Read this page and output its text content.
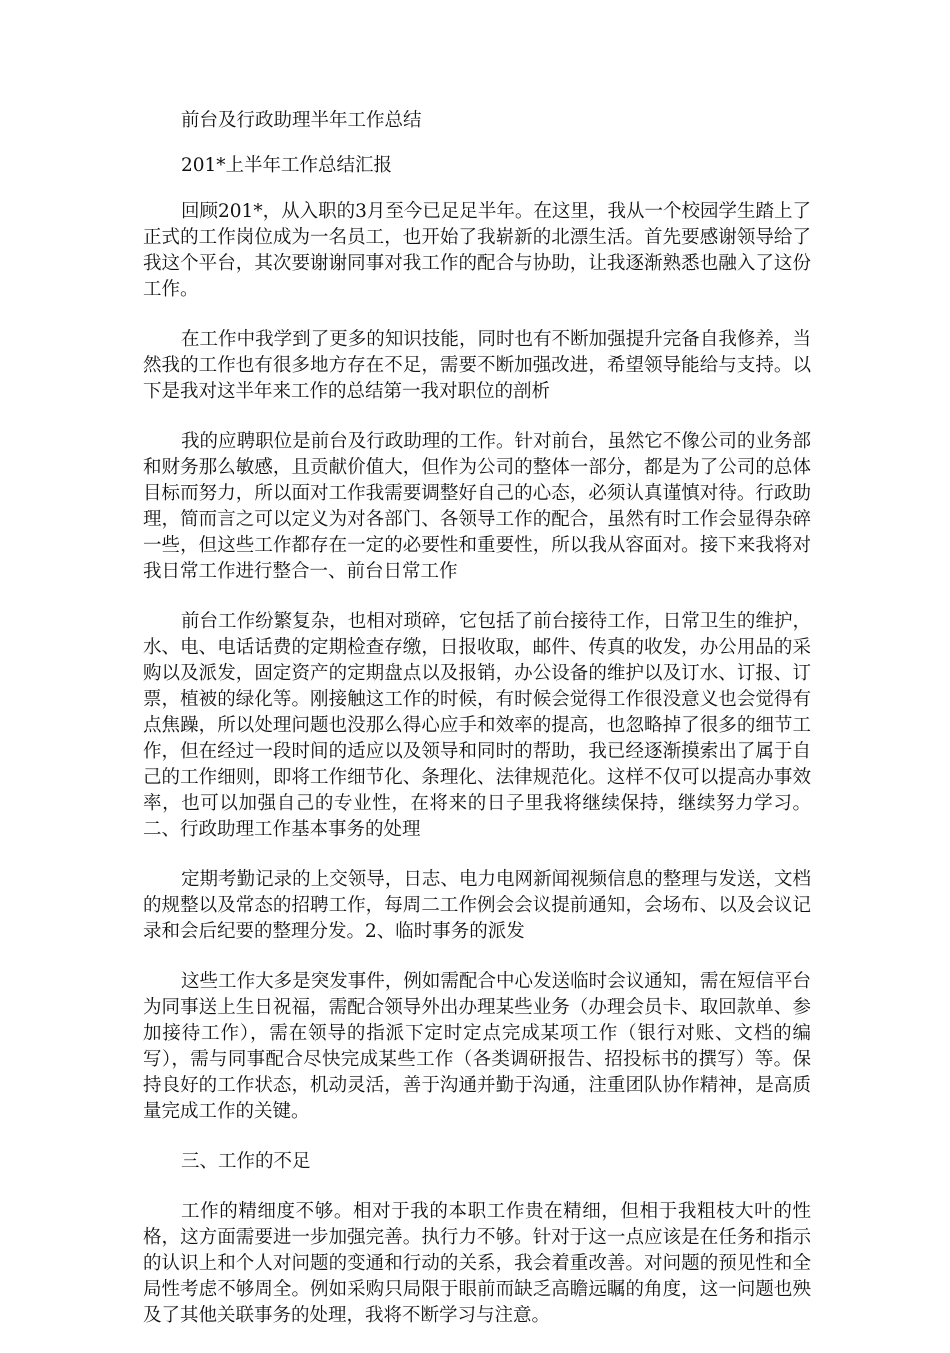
前台及行政助理半年工作总结

201*上半年工作总结汇报

回顾201*，从入职的3月至今已足足半年。在这里，我从一个校园学生踏上了正式的工作岗位成为一名员工，也开始了我崭新的北漂生活。首先要感谢领导给了我这个平台，其次要谢谢同事对我工作的配合与协助，让我逐渐熟悉也融入了这份工作。

在工作中我学到了更多的知识技能，同时也有不断加强提升完备自我修养，当然我的工作也有很多地方存在不足，需要不断加强改进，希望领导能给与支持。以下是我对这半年来工作的总结第一我对职位的剖析

我的应聘职位是前台及行政助理的工作。针对前台，虽然它不像公司的业务部和财务那么敏感，且贡献价值大，但作为公司的整体一部分，都是为了公司的总体目标而努力，所以面对工作我需要调整好自己的心态，必须认真谨慎对待。行政助理，简而言之可以定义为对各部门、各领导工作的配合，虽然有时工作会显得杂碎一些，但这些工作都存在一定的必要性和重要性，所以我从容面对。接下来我将对我日常工作进行整合一、前台日常工作

前台工作纷繁复杂，也相对琐碎，它包括了前台接待工作，日常卫生的维护，水、电、电话话费的定期检查存缴，日报收取，邮件、传真的收发，办公用品的采购以及派发，固定资产的定期盘点以及报销，办公设备的维护以及订水、订报、订票，植被的绿化等。刚接触这工作的时候，有时候会觉得工作很没意义也会觉得有点焦躁，所以处理问题也没那么得心应手和效率的提高，也忽略掉了很多的细节工作，但在经过一段时间的适应以及领导和同时的帮助，我已经逐渐摸索出了属于自己的工作细则，即将工作细节化、条理化、法律规范化。这样不仅可以提高办事效率，也可以加强自己的专业性，在将来的日子里我将继续保持，继续努力学习。二、行政助理工作基本事务的处理

定期考勤记录的上交领导，日志、电力电网新闻视频信息的整理与发送，文档的规整以及常态的招聘工作，每周二工作例会会议提前通知，会场布、以及会议记录和会后纪要的整理分发。2、临时事务的派发

这些工作大多是突发事件，例如需配合中心发送临时会议通知，需在短信平台为同事送上生日祝福，需配合领导外出办理某些业务（办理会员卡、取回款单、参加接待工作），需在领导的指派下定时定点完成某项工作（银行对账、文档的编写），需与同事配合尽快完成某些工作（各类调研报告、招投标书的撰写）等。保持良好的工作状态，机动灵活，善于沟通并勤于沟通，注重团队协作精神，是高质量完成工作的关键。

三、工作的不足

工作的精细度不够。相对于我的本职工作贵在精细，但相于我粗枝大叶的性格，这方面需要进一步加强完善。执行力不够。针对于这一点应该是在任务和指示的认识上和个人对问题的变通和行动的关系，我会着重改善。对问题的预见性和全局性考虑不够周全。例如采购只局限于眼前而缺乏高瞻远瞩的角度，这一问题也殃及了其他关联事务的处理，我将不断学习与注意。
